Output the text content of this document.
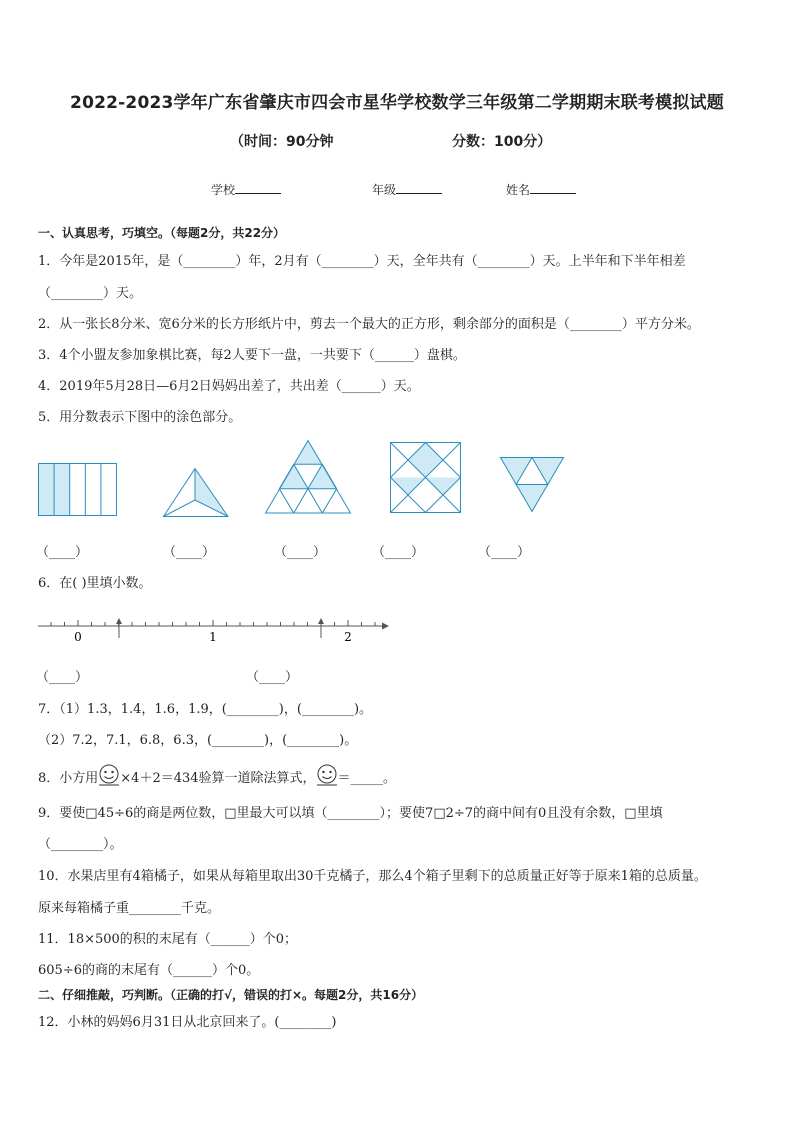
2022-2023学年广东省肇庆市四会市星华学校数学三年级第二学期期末联考模拟试题
（时间：90分钟	分数：100分）
学校	年级	姓名
一、认真思考，巧填空。（每题2分，共22分）
1．今年是2015年，是（________）年，2月有（________）天，全年共有（________）天。上半年和下半年相差
（________）天。
2．从一张长8分米、宽6分米的长方形纸片中，剪去一个最大的正方形，剩余部分的面积是（________）平方分米。
3．4个小盟友参加象棋比赛，每2人要下一盘，一共要下（______）盘棋。
4．2019年5月28日—6月2日妈妈出差了，共出差（______）天。
5．用分数表示下图中的涂色部分。
（____）	（____）	（____）	（____）	（____）
6．在( )里填小数。
0	1	2
（____）	（____）
7．（1）1.3，1.4，1.6，1.9，(________)，(________)。
（2）7.2，7.1，6.8，6.3，(________)，(________)。
8．小方用 ×4＋2＝434验算一道除法算式， ＝_____。
9．要使□45÷6的商是两位数，□里最大可以填（________）；要使7□2÷7的商中间有0且没有余数，□里填
（________）。
10．水果店里有4箱橘子，如果从每箱里取出30千克橘子，那么4个箱子里剩下的总质量正好等于原来1箱的总质量。
原来每箱橘子重________千克。
11．18×500的积的末尾有（______）个0；
605÷6的商的末尾有（______）个0。
二、仔细推敲，巧判断。（正确的打√，错误的打×。每题2分，共16分）
12．小林的妈妈6月31日从北京回来了。(________)
